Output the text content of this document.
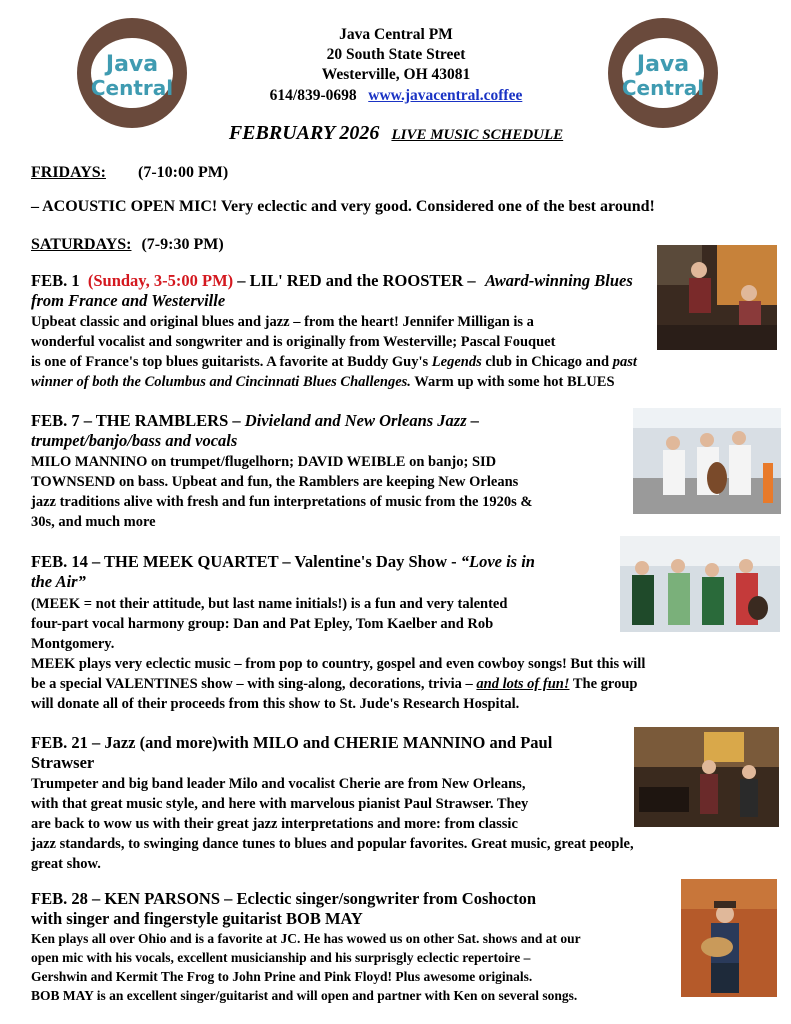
Java
Central
Java
Central
Java Central PM
20 South State Street
Westerville, OH 43081
614/839-0698 www.javacentral.coffee
FEBRUARY 2026 LIVE MUSIC SCHEDULE
FRIDAYS: (7-10:00 PM)
– ACOUSTIC OPEN MIC! Very eclectic and very good. Considered one of the best around!
SATURDAYS: (7-9:30 PM)
FEB. 1 (Sunday, 3-5:00 PM) – LIL' RED and the ROOSTER – Award-winning Blues from France and Westerville
Upbeat classic and original blues and jazz – from the heart! Jennifer Milligan is a
wonderful vocalist and songwriter and is originally from Westerville; Pascal Fouquet
is one of France's top blues guitarists. A favorite at Buddy Guy's Legends club in Chicago and past
winner of both the Columbus and Cincinnati Blues Challenges. Warm up with some hot BLUES
FEB. 7 – THE RAMBLERS – Divieland and New Orleans Jazz –
trumpet/banjo/bass and vocals
MILO MANNINO on trumpet/flugelhorn; DAVID WEIBLE on banjo; SID
TOWNSEND on bass. Upbeat and fun, the Ramblers are keeping New Orleans
jazz traditions alive with fresh and fun interpretations of music from the 1920s &
30s, and much more
FEB. 14 – THE MEEK QUARTET – Valentine's Day Show - “Love is in
the Air”
(MEEK = not their attitude, but last name initials!) is a fun and very talented
four-part vocal harmony group: Dan and Pat Epley, Tom Kaelber and Rob
Montgomery.
MEEK plays very eclectic music – from pop to country, gospel and even cowboy songs! But this will
be a special VALENTINES show – with sing-along, decorations, trivia – and lots of fun! The group
will donate all of their proceeds from this show to St. Jude's Research Hospital.
FEB. 21 – Jazz (and more)with MILO and CHERIE MANNINO and Paul
Strawser
Trumpeter and big band leader Milo and vocalist Cherie are from New Orleans,
with that great music style, and here with marvelous pianist Paul Strawser. They
are back to wow us with their great jazz interpretations and more: from classic
jazz standards, to swinging dance tunes to blues and popular favorites. Great music, great people,
great show.
FEB. 28 – KEN PARSONS – Eclectic singer/songwriter from Coshocton
with singer and fingerstyle guitarist BOB MAY
Ken plays all over Ohio and is a favorite at JC. He has wowed us on other Sat. shows and at our
open mic with his vocals, excellent musicianship and his surprisgly eclectic repertoire –
Gershwin and Kermit The Frog to John Prine and Pink Floyd! Plus awesome originals.
BOB MAY is an excellent singer/guitarist and will open and partner with Ken on several songs.
